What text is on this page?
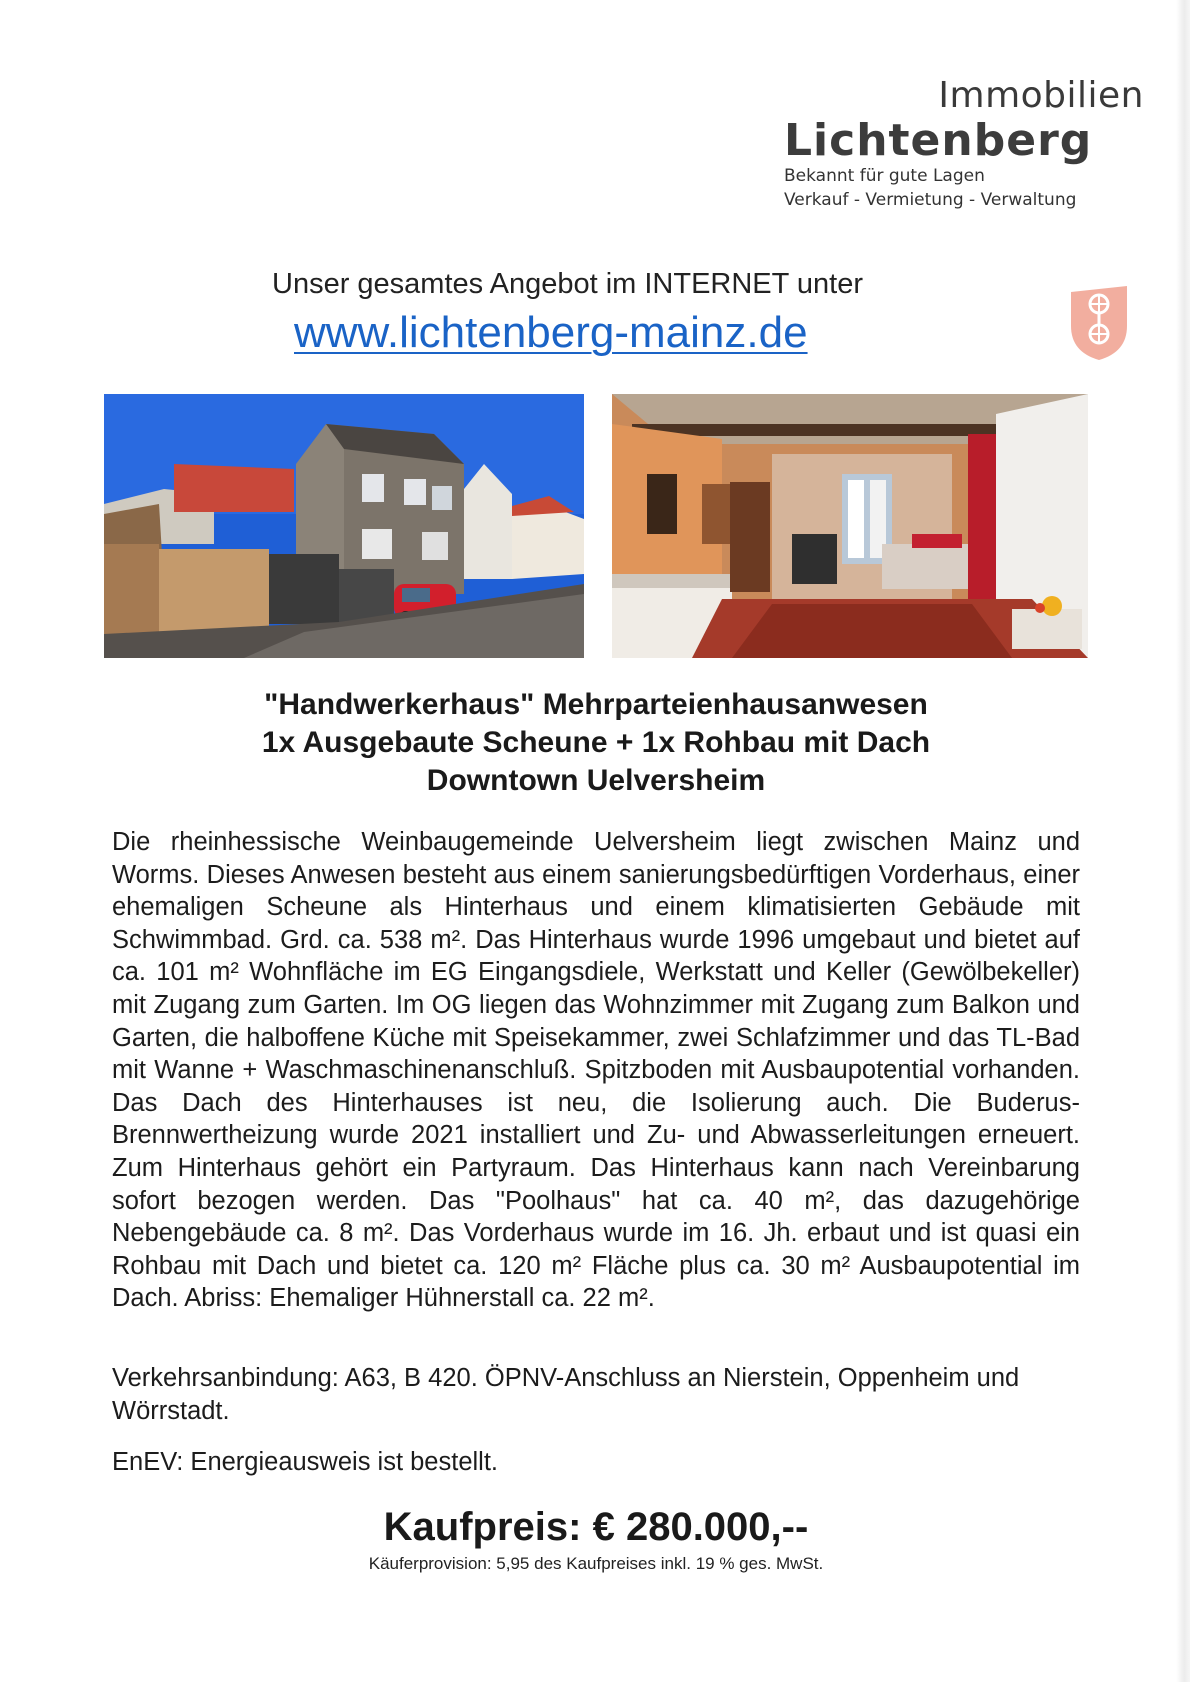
Immobilien
Lichtenberg
Bekannt für gute Lagen
Verkauf - Vermietung - Verwaltung
Unser gesamtes Angebot im INTERNET unter
www.lichtenberg-mainz.de
"Handwerkerhaus" Mehrparteienhausanwesen
1x Ausgebaute Scheune + 1x Rohbau mit Dach
Downtown Uelversheim
Die rheinhessische Weinbaugemeinde Uelversheim liegt zwischen Mainz und Worms. Dieses Anwesen besteht aus einem sanierungsbedürftigen Vorderhaus, einer ehemaligen Scheune als Hinterhaus und einem klimatisierten Gebäude mit Schwimmbad. Grd. ca. 538 m². Das Hinterhaus wurde 1996 umgebaut und bietet auf ca. 101 m² Wohnfläche im EG Eingangsdiele, Werkstatt und Keller (Gewölbekeller) mit Zugang zum Garten. Im OG liegen das Wohnzimmer mit Zugang zum Balkon und Garten, die halboffene Küche mit Speisekammer, zwei Schlafzimmer und das TL-Bad mit Wanne + Waschmaschinenanschluß. Spitzboden mit Ausbaupotential vorhanden. Das Dach des Hinterhauses ist neu, die Isolierung auch. Die Buderus-Brennwertheizung wurde 2021 installiert und Zu- und Abwasserleitungen erneuert. Zum Hinterhaus gehört ein Partyraum. Das Hinterhaus kann nach Vereinbarung sofort bezogen werden. Das "Poolhaus" hat ca. 40 m², das dazugehörige Nebengebäude ca. 8 m². Das Vorderhaus wurde im 16. Jh. erbaut und ist quasi ein Rohbau mit Dach und bietet ca. 120 m² Fläche plus ca. 30 m² Ausbaupotential im Dach. Abriss: Ehemaliger Hühnerstall ca. 22 m².
Verkehrsanbindung: A63, B 420. ÖPNV-Anschluss an Nierstein, Oppenheim und Wörrstadt.
EnEV: Energieausweis ist bestellt.
Kaufpreis: € 280.000,--
Käuferprovision: 5,95 des Kaufpreises inkl. 19 % ges. MwSt.
